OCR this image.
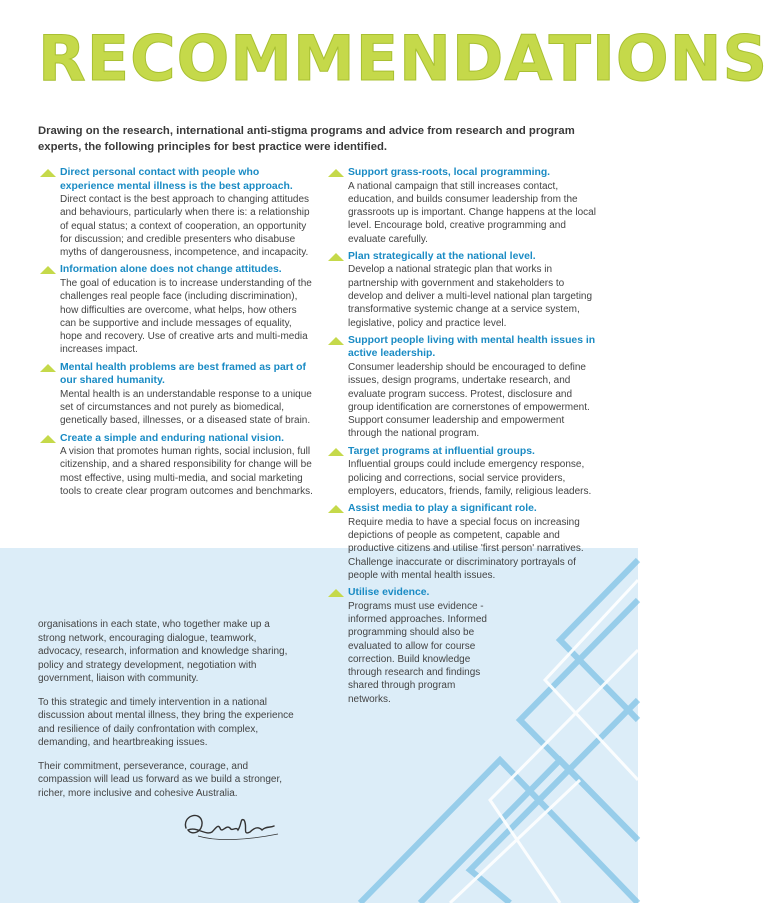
RECOMMENDATIONS
Drawing on the research, international anti-stigma programs and advice from research and program experts, the following principles for best practice were identified.
Direct personal contact with people who experience mental illness is the best approach.
Direct contact is the best approach to changing attitudes and behaviours, particularly when there is: a relationship of equal status; a context of cooperation, an opportunity for discussion; and credible presenters who disabuse myths of dangerousness, incompetence, and incapacity.
Information alone does not change attitudes.
The goal of education is to increase understanding of the challenges real people face (including discrimination), how difficulties are overcome, what helps, how others can be supportive and include messages of equality, hope and recovery. Use of creative arts and multi-media increases impact.
Mental health problems are best framed as part of our shared humanity.
Mental health is an understandable response to a unique set of circumstances and not purely as biomedical, genetically based, illnesses, or a diseased state of brain.
Create a simple and enduring national vision.
A vision that promotes human rights, social inclusion, full citizenship, and a shared responsibility for change will be most effective, using multi-media, and social marketing tools to create clear program outcomes and benchmarks.
Support grass-roots, local programming.
A national campaign that still increases contact, education, and builds consumer leadership from the grassroots up is important. Change happens at the local level. Encourage bold, creative programming and evaluate carefully.
Plan strategically at the national level.
Develop a national strategic plan that works in partnership with government and stakeholders to develop and deliver a multi-level national plan targeting transformative systemic change at a service system, legislative, policy and practice level.
Support people living with mental health issues in active leadership.
Consumer leadership should be encouraged to define issues, design programs, undertake research, and evaluate program success. Protest, disclosure and group identification are cornerstones of empowerment. Support consumer leadership and empowerment through the national program.
Target programs at influential groups.
Influential groups could include emergency response, policing and corrections, social service providers, employers, educators, friends, family, religious leaders.
Assist media to play a significant role.
Require media to have a special focus on increasing depictions of people as competent, capable and productive citizens and utilise 'first person' narratives. Challenge inaccurate or discriminatory portrayals of people with mental health issues.
Utilise evidence.
Programs must use evidence - informed approaches. Informed programming should also be evaluated to allow for course correction. Build knowledge through research and findings shared through program networks.

organisations in each state, who together make up a strong network, encouraging dialogue, teamwork, advocacy, research, information and knowledge sharing, policy and strategy development, negotiation with government, liaison with community.

To this strategic and timely intervention in a national discussion about mental illness, they bring the experience and resilience of daily confrontation with complex, demanding, and heartbreaking issues.

Their commitment, perseverance, courage, and compassion will lead us forward as we build a stronger, richer, more inclusive and cohesive Australia.
